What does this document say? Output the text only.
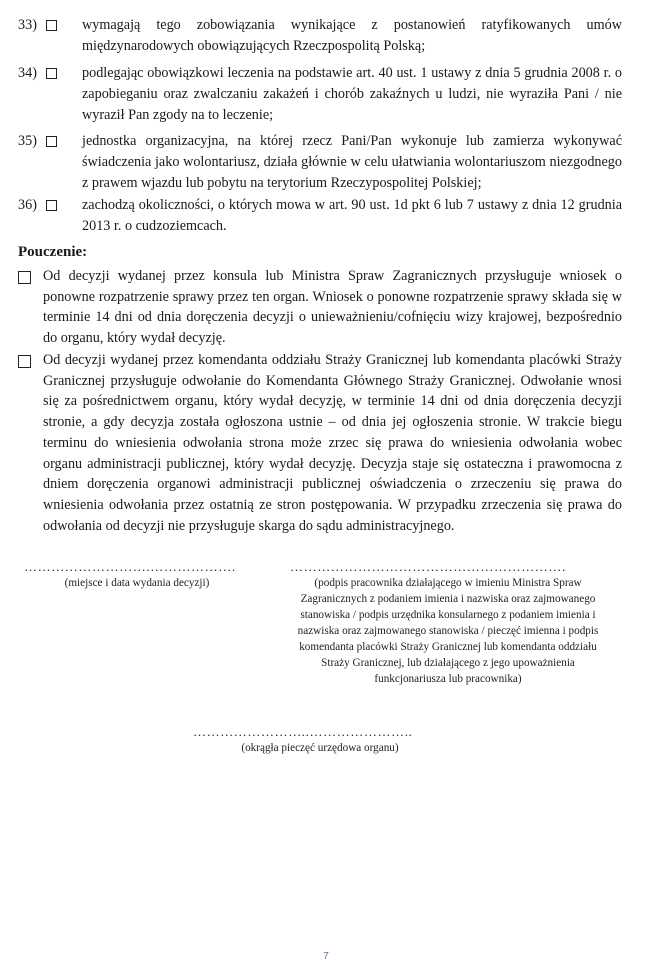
33)	wymagają tego zobowiązania wynikające z postanowień ratyfikowanych umów międzynarodowych obowiązujących Rzeczpospolitą Polską;
34)	podlegając obowiązkowi leczenia na podstawie art. 40 ust. 1 ustawy z dnia 5 grudnia 2008 r. o zapobieganiu oraz zwalczaniu zakażeń i chorób zakaźnych u ludzi, nie wyraziła Pani / nie wyraził Pan zgody na to leczenie;
35)	jednostka organizacyjna, na której rzecz Pani/Pan wykonuje lub zamierza wykonywać świadczenia jako wolontariusz, działa głównie w celu ułatwiania wolontariuszom niezgodnego z prawem wjazdu lub pobytu na terytorium Rzeczypospolitej Polskiej;
36)	zachodzą okoliczności, o których mowa w art. 90 ust. 1d pkt 6 lub 7 ustawy z dnia 12 grudnia 2013 r. o cudzoziemcach.
Pouczenie:
Od decyzji wydanej przez konsula lub Ministra Spraw Zagranicznych przysługuje wniosek o ponowne rozpatrzenie sprawy przez ten organ. Wniosek o ponowne rozpatrzenie sprawy składa się w terminie 14 dni od dnia doręczenia decyzji o unieważnieniu/cofnięciu wizy krajowej, bezpośrednio do organu, który wydał decyzję.
Od decyzji wydanej przez komendanta oddziału Straży Granicznej lub komendanta placówki Straży Granicznej przysługuje odwołanie do Komendanta Głównego Straży Granicznej. Odwołanie wnosi się za pośrednictwem organu, który wydał decyzję, w terminie 14 dni od dnia doręczenia decyzji stronie, a gdy decyzja została ogłoszona ustnie – od dnia jej ogłoszenia stronie. W trakcie biegu terminu do wniesienia odwołania strona może zrzec się prawa do wniesienia odwołania wobec organu administracji publicznej, który wydał decyzję. Decyzja staje się ostateczna i prawomocna z dniem doręczenia organowi administracji publicznej oświadczenia o zrzeczeniu się prawa do wniesienia odwołania przez ostatnią ze stron postępowania. W przypadku zrzeczenia się prawa do odwołania od decyzji nie przysługuje skarga do sądu administracyjnego.
……………………….……………….
(miejsce i data wydania decyzji)
…………………………………………………….
(podpis pracownika działającego w imieniu Ministra Spraw Zagranicznych z podaniem imienia i nazwiska oraz zajmowanego stanowiska / podpis urzędnika konsularnego z podaniem imienia i nazwiska oraz zajmowanego stanowiska / pieczęć imienna i podpis komendanta placówki Straży Granicznej lub komendanta oddziału Straży Granicznej, lub działającego z jego upoważnienia funkcjonariusza lub pracownika)
……………………..…………………..
(okrągła pieczęć urzędowa organu)
7
